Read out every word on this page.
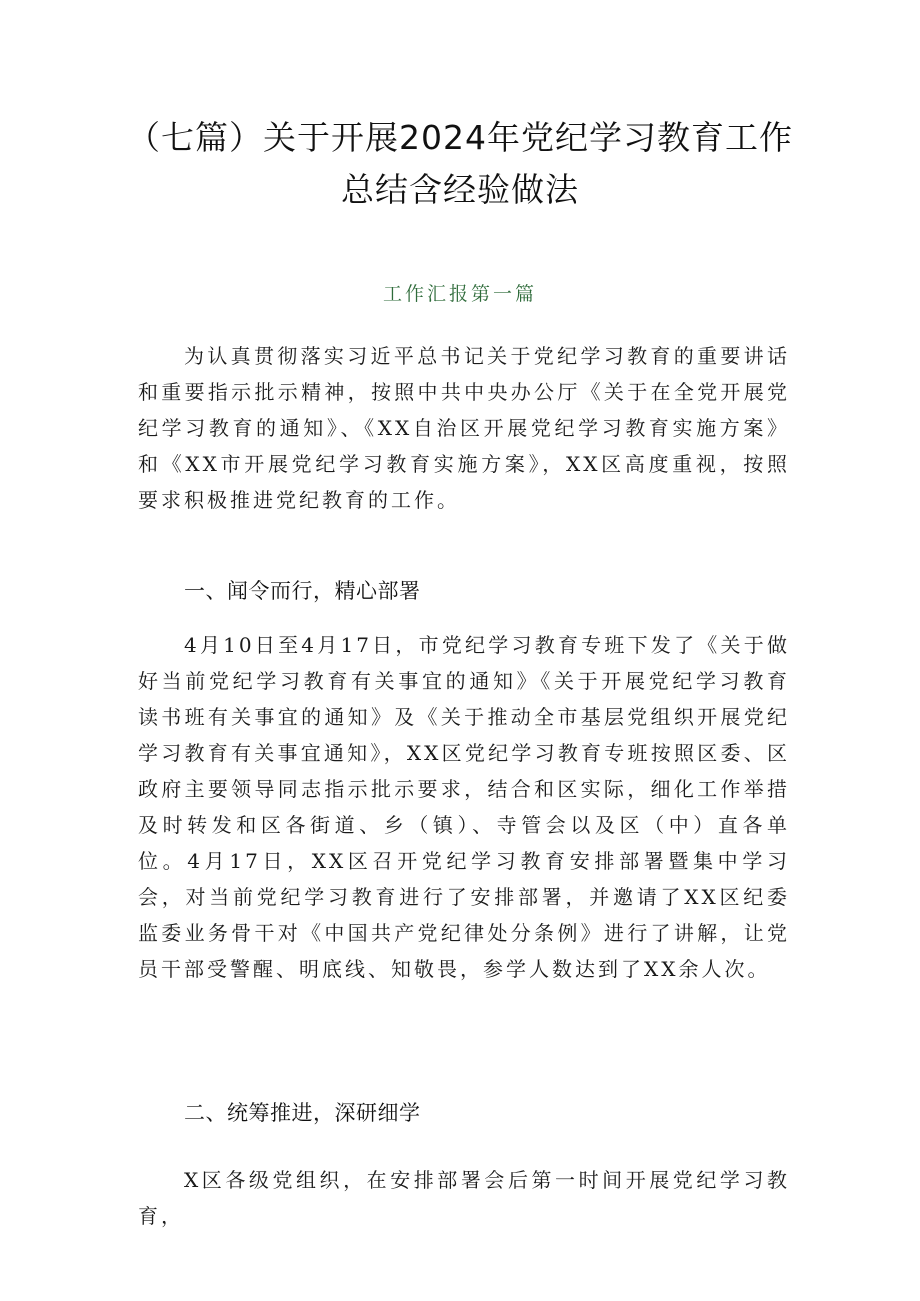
（七篇）关于开展2024年党纪学习教育工作总结含经验做法
工作汇报第一篇

为认真贯彻落实习近平总书记关于党纪学习教育的重要讲话和重要指示批示精神，按照中共中央办公厅《关于在全党开展党纪学习教育的通知》、《XX自治区开展党纪学习教育实施方案》和《XX市开展党纪学习教育实施方案》，XX区高度重视，按照要求积极推进党纪教育的工作。

一、闻令而行，精心部署

4月10日至4月17日，市党纪学习教育专班下发了《关于做好当前党纪学习教育有关事宜的通知》《关于开展党纪学习教育读书班有关事宜的通知》及《关于推动全市基层党组织开展党纪学习教育有关事宜通知》，XX区党纪学习教育专班按照区委、区政府主要领导同志指示批示要求，结合和区实际，细化工作举措及时转发和区各街道、乡（镇）、寺管会以及区（中）直各单位。4月17日，XX区召开党纪学习教育安排部署暨集中学习会，对当前党纪学习教育进行了安排部署，并邀请了XX区纪委监委业务骨干对《中国共产党纪律处分条例》进行了讲解，让党员干部受警醒、明底线、知敬畏，参学人数达到了XX余人次。

二、统筹推进，深研细学

X区各级党组织，在安排部署会后第一时间开展党纪学习教育，
